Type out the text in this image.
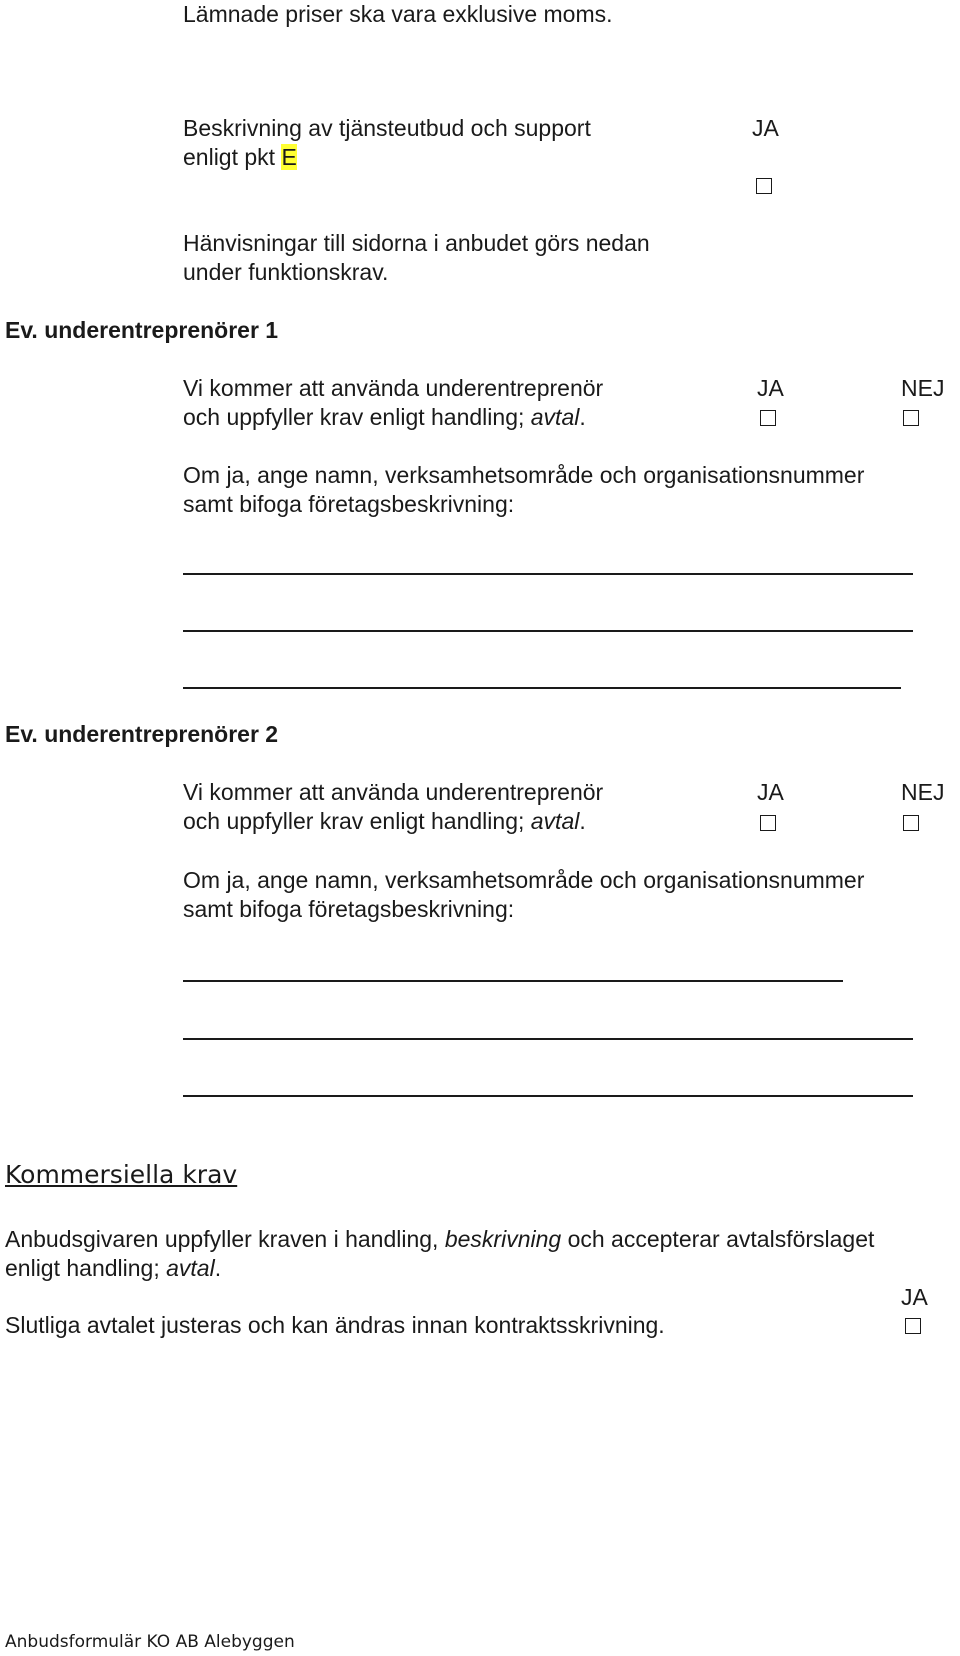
Lämnade priser ska vara exklusive moms.
Beskrivning av tjänsteutbud och support
enligt pkt E
JA
Hänvisningar till sidorna i anbudet görs nedan
under funktionskrav.
Ev. underentreprenörer 1
Vi kommer att använda underentreprenör
och uppfyller krav enligt handling; avtal.
JA	NEJ
Om ja, ange namn, verksamhetsområde och organisationsnummer
samt bifoga företagsbeskrivning:
Ev. underentreprenörer 2
Vi kommer att använda underentreprenör
och uppfyller krav enligt handling; avtal.
JA	NEJ
Om ja, ange namn, verksamhetsområde och organisationsnummer
samt bifoga företagsbeskrivning:
Kommersiella krav
Anbudsgivaren uppfyller kraven i handling, beskrivning och accepterar avtalsförslaget
enligt handling; avtal.
JA
Slutliga avtalet justeras och kan ändras innan kontraktsskrivning.
Anbudsformulär KO AB Alebyggen
